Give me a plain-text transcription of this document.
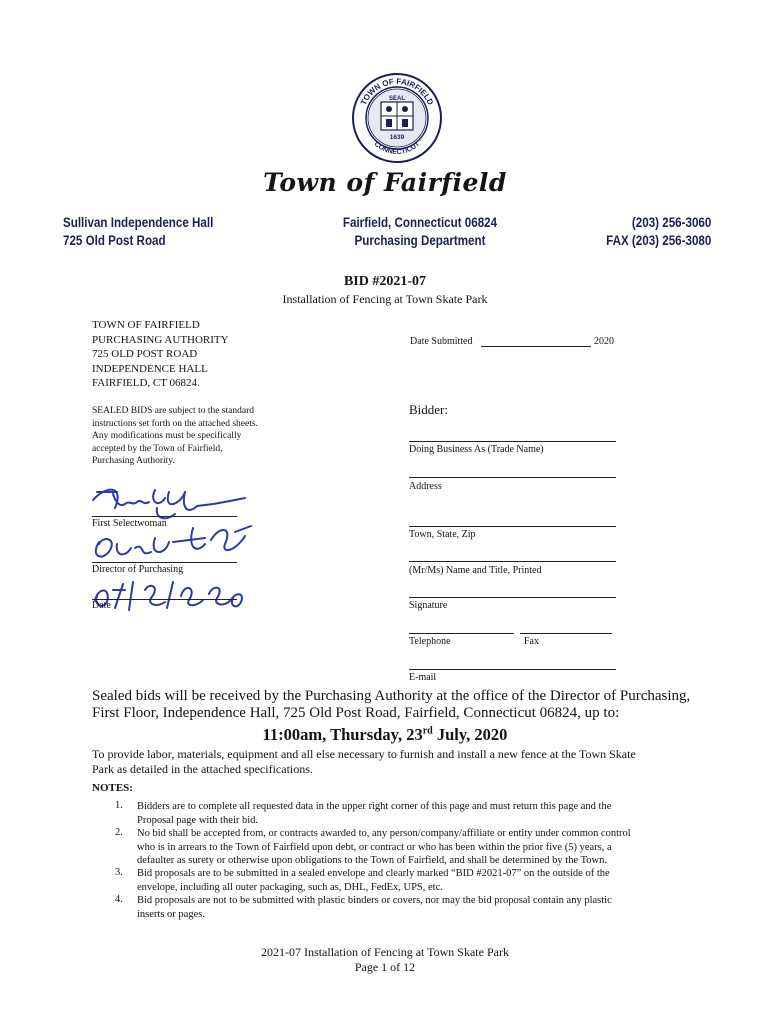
TOWN OF FAIRFIELD
CONNECTICUT
SEAL
1639
Town of Fairfield
Sullivan Independence Hall
725 Old Post Road
Fairfield, Connecticut 06824
Purchasing Department
(203) 256-3060
FAX (203) 256-3080
BID #2021-07
Installation of Fencing at Town Skate Park
TOWN OF FAIRFIELD
PURCHASING AUTHORITY
725 OLD POST ROAD
INDEPENDENCE HALL
FAIRFIELD, CT 06824.
Date Submitted	2020
SEALED BIDS are subject to the standard
instructions set forth on the attached sheets.
Any modifications must be specifically
accepted by the Town of Fairfield,
Purchasing Authority.
First Selectwoman
Director of Purchasing
Date
Bidder:
Doing Business As (Trade Name)
Address
Town, State, Zip
(Mr/Ms) Name and Title, Printed
Signature
Telephone	Fax
E-mail
Sealed bids will be received by the Purchasing Authority at the office of the Director of Purchasing,
First Floor, Independence Hall, 725 Old Post Road, Fairfield, Connecticut 06824, up to:
11:00am, Thursday, 23rd July, 2020
To provide labor, materials, equipment and all else necessary to furnish and install a new fence at the Town Skate
Park as detailed in the attached specifications.
NOTES:
1. Bidders are to complete all requested data in the upper right corner of this page and must return this page and the
Proposal page with their bid.
2. No bid shall be accepted from, or contracts awarded to, any person/company/affiliate or entity under common control
who is in arrears to the Town of Fairfield upon debt, or contract or who has been within the prior five (5) years, a
defaulter as surety or otherwise upon obligations to the Town of Fairfield, and shall be determined by the Town.
3. Bid proposals are to be submitted in a sealed envelope and clearly marked “BID #2021-07” on the outside of the
envelope, including all outer packaging, such as, DHL, FedEx, UPS, etc.
4. Bid proposals are not to be submitted with plastic binders or covers, nor may the bid proposal contain any plastic
inserts or pages.
2021-07 Installation of Fencing at Town Skate Park
Page 1 of 12
